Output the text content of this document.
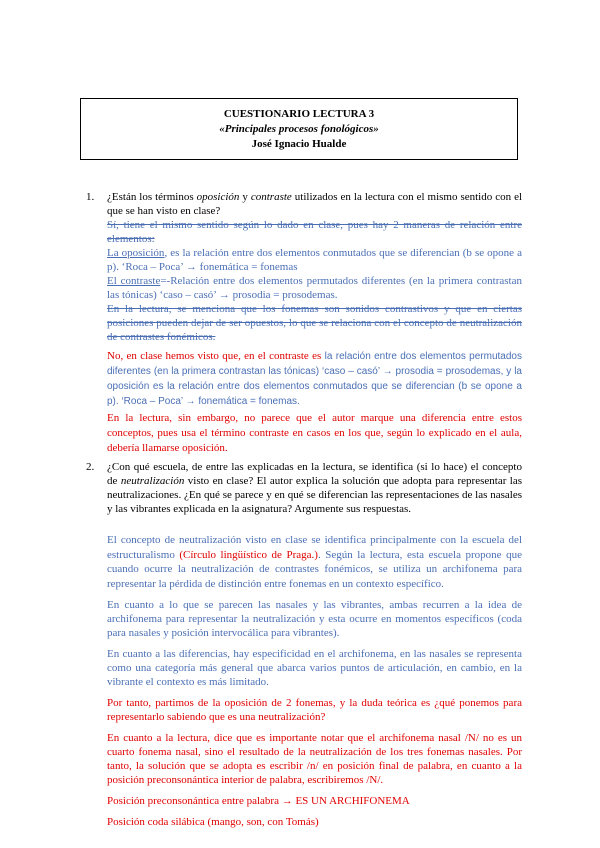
CUESTIONARIO LECTURA 3
«Principales procesos fonológicos»
José Ignacio Hualde
1. ¿Están los términos oposición y contraste utilizados en la lectura con el mismo sentido con el que se han visto en clase?

Sí, tiene el mismo sentido según lo dado en clase, pues hay 2 maneras de relación entre elementos:

La oposición, es la relación entre dos elementos conmutados que se diferencian (b se opone a p). ‘Roca – Poca’ → fonemática = fonemas

El contraste=-Relación entre dos elementos permutados diferentes (en la primera contrastan las tónicas) ‘caso – casó’ → prosodia = prosodemas.

En la lectura, se menciona que los fonemas son sonidos contrastivos y que en ciertas posiciones pueden dejar de ser opuestos, lo que se relaciona con el concepto de neutralización de contrastes fonémicos.

No, en clase hemos visto que, en el contraste es la relación entre dos elementos permutados diferentes (en la primera contrastan las tónicas) ‘caso – casó’ → prosodia = prosodemas, y la oposición es la relación entre dos elementos conmutados que se diferencian (b se opone a p). ‘Roca – Poca’ → fonemática = fonemas.

En la lectura, sin embargo, no parece que el autor marque una diferencia entre estos conceptos, pues usa el término contraste en casos en los que, según lo explicado en el aula, debería llamarse oposición.

2. ¿Con qué escuela, de entre las explicadas en la lectura, se identifica (si lo hace) el concepto de neutralización visto en clase? El autor explica la solución que adopta para representar las neutralizaciones. ¿En qué se parece y en qué se diferencian las representaciones de las nasales y las vibrantes explicada en la asignatura? Argumente sus respuestas.

El concepto de neutralización visto en clase se identifica principalmente con la escuela del estructuralismo (Círculo lingüístico de Praga.). Según la lectura, esta escuela propone que cuando ocurre la neutralización de contrastes fonémicos, se utiliza un archifonema para representar la pérdida de distinción entre fonemas en un contexto específico.

En cuanto a lo que se parecen las nasales y las vibrantes, ambas recurren a la idea de archifonema para representar la neutralización y esta ocurre en momentos específicos (coda para nasales y posición intervocálica para vibrantes).

En cuanto a las diferencias, hay especificidad en el archifonema, en las nasales se representa como una categoría más general que abarca varios puntos de articulación, en cambio, en la vibrante el contexto es más limitado.

Por tanto, partimos de la oposición de 2 fonemas, y la duda teórica es ¿qué ponemos para representarlo sabiendo que es una neutralización?

En cuanto a la lectura, dice que es importante notar que el archifonema nasal /N/ no es un cuarto fonema nasal, sino el resultado de la neutralización de los tres fonemas nasales. Por tanto, la solución que se adopta es escribir /n/ en posición final de palabra, en cuanto a la posición preconsonántica interior de palabra, escribiremos /N/.

Posición preconsonántica entre palabra → ES UN ARCHIFONEMA

Posición coda silábica (mango, son, con Tomás)
